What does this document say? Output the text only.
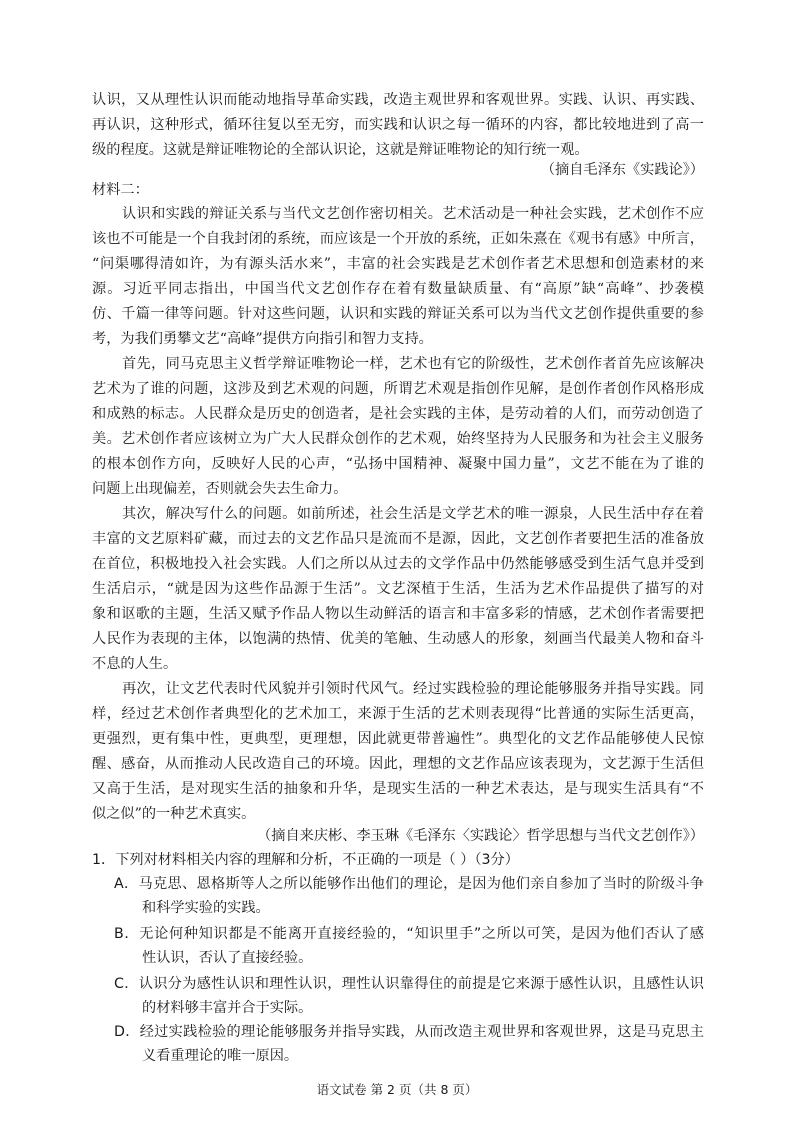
认识，又从理性认识而能动地指导革命实践，改造主观世界和客观世界。实践、认识、再实践、
再认识，这种形式，循环往复以至无穷，而实践和认识之每一循环的内容，都比较地进到了高一
级的程度。这就是辩证唯物论的全部认识论，这就是辩证唯物论的知行统一观。
（摘自毛泽东《实践论》）
材料二：
认识和实践的辩证关系与当代文艺创作密切相关。艺术活动是一种社会实践，艺术创作不应
该也不可能是一个自我封闭的系统，而应该是一个开放的系统，正如朱熹在《观书有感》中所言，
“问渠哪得清如许，为有源头活水来”，丰富的社会实践是艺术创作者艺术思想和创造素材的来
源。习近平同志指出，中国当代文艺创作存在着有数量缺质量、有“高原”缺“高峰”、抄袭模
仿、千篇一律等问题。针对这些问题，认识和实践的辩证关系可以为当代文艺创作提供重要的参
考，为我们勇攀文艺“高峰”提供方向指引和智力支持。
首先，同马克思主义哲学辩证唯物论一样，艺术也有它的阶级性，艺术创作者首先应该解决
艺术为了谁的问题，这涉及到艺术观的问题，所谓艺术观是指创作见解，是创作者创作风格形成
和成熟的标志。人民群众是历史的创造者，是社会实践的主体，是劳动着的人们，而劳动创造了
美。艺术创作者应该树立为广大人民群众创作的艺术观，始终坚持为人民服务和为社会主义服务
的根本创作方向，反映好人民的心声，“弘扬中国精神、凝聚中国力量”，文艺不能在为了谁的
问题上出现偏差，否则就会失去生命力。
其次，解决写什么的问题。如前所述，社会生活是文学艺术的唯一源泉，人民生活中存在着
丰富的文艺原料矿藏，而过去的文艺作品只是流而不是源，因此，文艺创作者要把生活的准备放
在首位，积极地投入社会实践。人们之所以从过去的文学作品中仍然能够感受到生活气息并受到
生活启示，“就是因为这些作品源于生活”。文艺深植于生活，生活为艺术作品提供了描写的对
象和讴歌的主题，生活又赋予作品人物以生动鲜活的语言和丰富多彩的情感，艺术创作者需要把
人民作为表现的主体，以饱满的热情、优美的笔触、生动感人的形象，刻画当代最美人物和奋斗
不息的人生。
再次，让文艺代表时代风貌并引领时代风气。经过实践检验的理论能够服务并指导实践。同
样，经过艺术创作者典型化的艺术加工，来源于生活的艺术则表现得“比普通的实际生活更高，
更强烈，更有集中性，更典型，更理想，因此就更带普遍性”。典型化的文艺作品能够使人民惊
醒、感奋，从而推动人民改造自己的环境。因此，理想的文艺作品应该表现为，文艺源于生活但
又高于生活，是对现实生活的抽象和升华，是现实生活的一种艺术表达，是与现实生活具有“不
似之似”的一种艺术真实。
（摘自来庆彬、李玉琳《毛泽东〈实践论〉哲学思想与当代文艺创作》）
1．下列对材料相关内容的理解和分析，不正确的一项是（ ）（3分）
A．马克思、恩格斯等人之所以能够作出他们的理论，是因为他们亲自参加了当时的阶级斗争
和科学实验的实践。
B．无论何种知识都是不能离开直接经验的，“知识里手”之所以可笑，是因为他们否认了感
性认识，否认了直接经验。
C．认识分为感性认识和理性认识，理性认识靠得住的前提是它来源于感性认识，且感性认识
的材料够丰富并合于实际。
D．经过实践检验的理论能够服务并指导实践，从而改造主观世界和客观世界，这是马克思主
义看重理论的唯一原因。
语文试卷 第 2 页（共 8 页）
